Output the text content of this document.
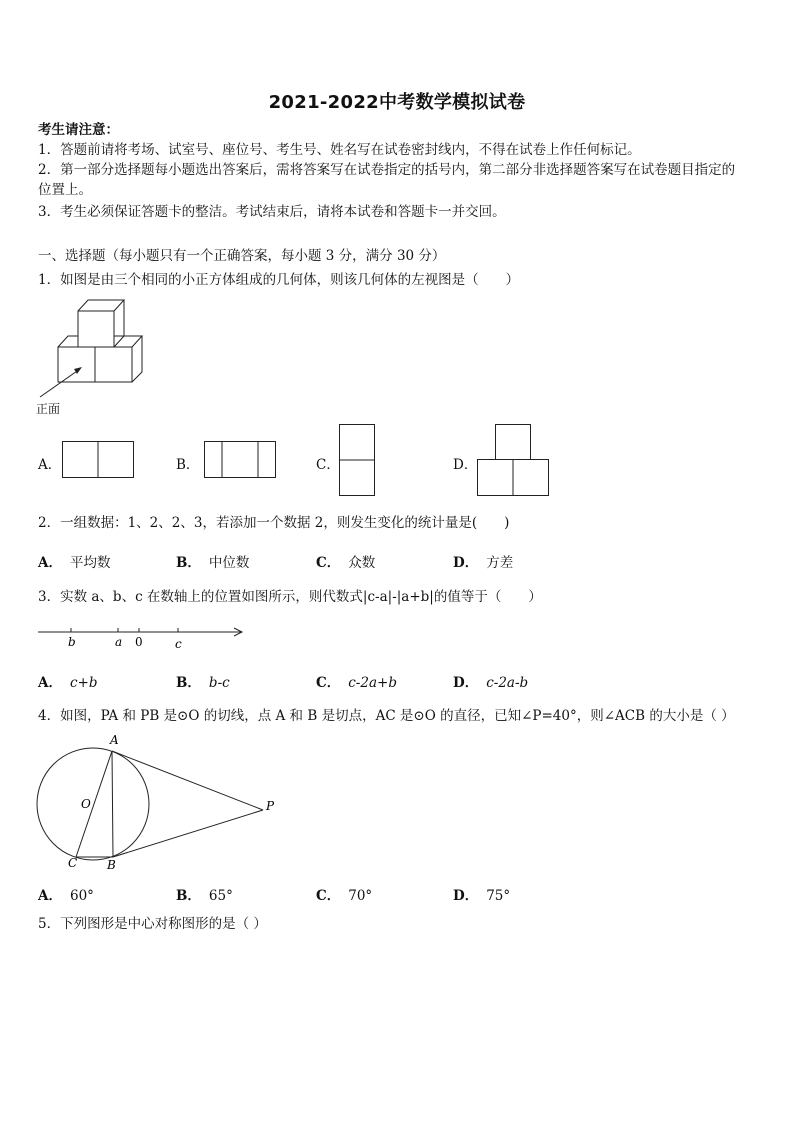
2021-2022中考数学模拟试卷
考生请注意：
1．答题前请将考场、试室号、座位号、考生号、姓名写在试卷密封线内，不得在试卷上作任何标记。
2．第一部分选择题每小题选出答案后，需将答案写在试卷指定的括号内，第二部分非选择题答案写在试卷题目指定的
位置上。
3．考生必须保证答题卡的整洁。考试结束后，请将本试卷和答题卡一并交回。
一、选择题（每小题只有一个正确答案，每小题 3 分，满分 30 分）
1．如图是由三个相同的小正方体组成的几何体，则该几何体的左视图是（　　）
正面
A．	B．	C．	D．
2．一组数据：1、2、2、3，若添加一个数据 2，则发生变化的统计量是(　　)
A． 平均数	B． 中位数	C． 众数	D． 方差
3．实数 a、b、c 在数轴上的位置如图所示，则代数式|c-a|-|a+b|的值等于（　　）
b	a 0	c
A． c+b	B． b-c	C． c-2a+b	D． c-2a-b
4．如图，PA 和 PB 是⊙O 的切线，点 A 和 B 是切点，AC 是⊙O 的直径，已知∠P=40°，则∠ACB 的大小是（ ）
A
O	P
C B
A． 60°	B． 65°	C． 70°	D． 75°
5．下列图形是中心对称图形的是（ ）
